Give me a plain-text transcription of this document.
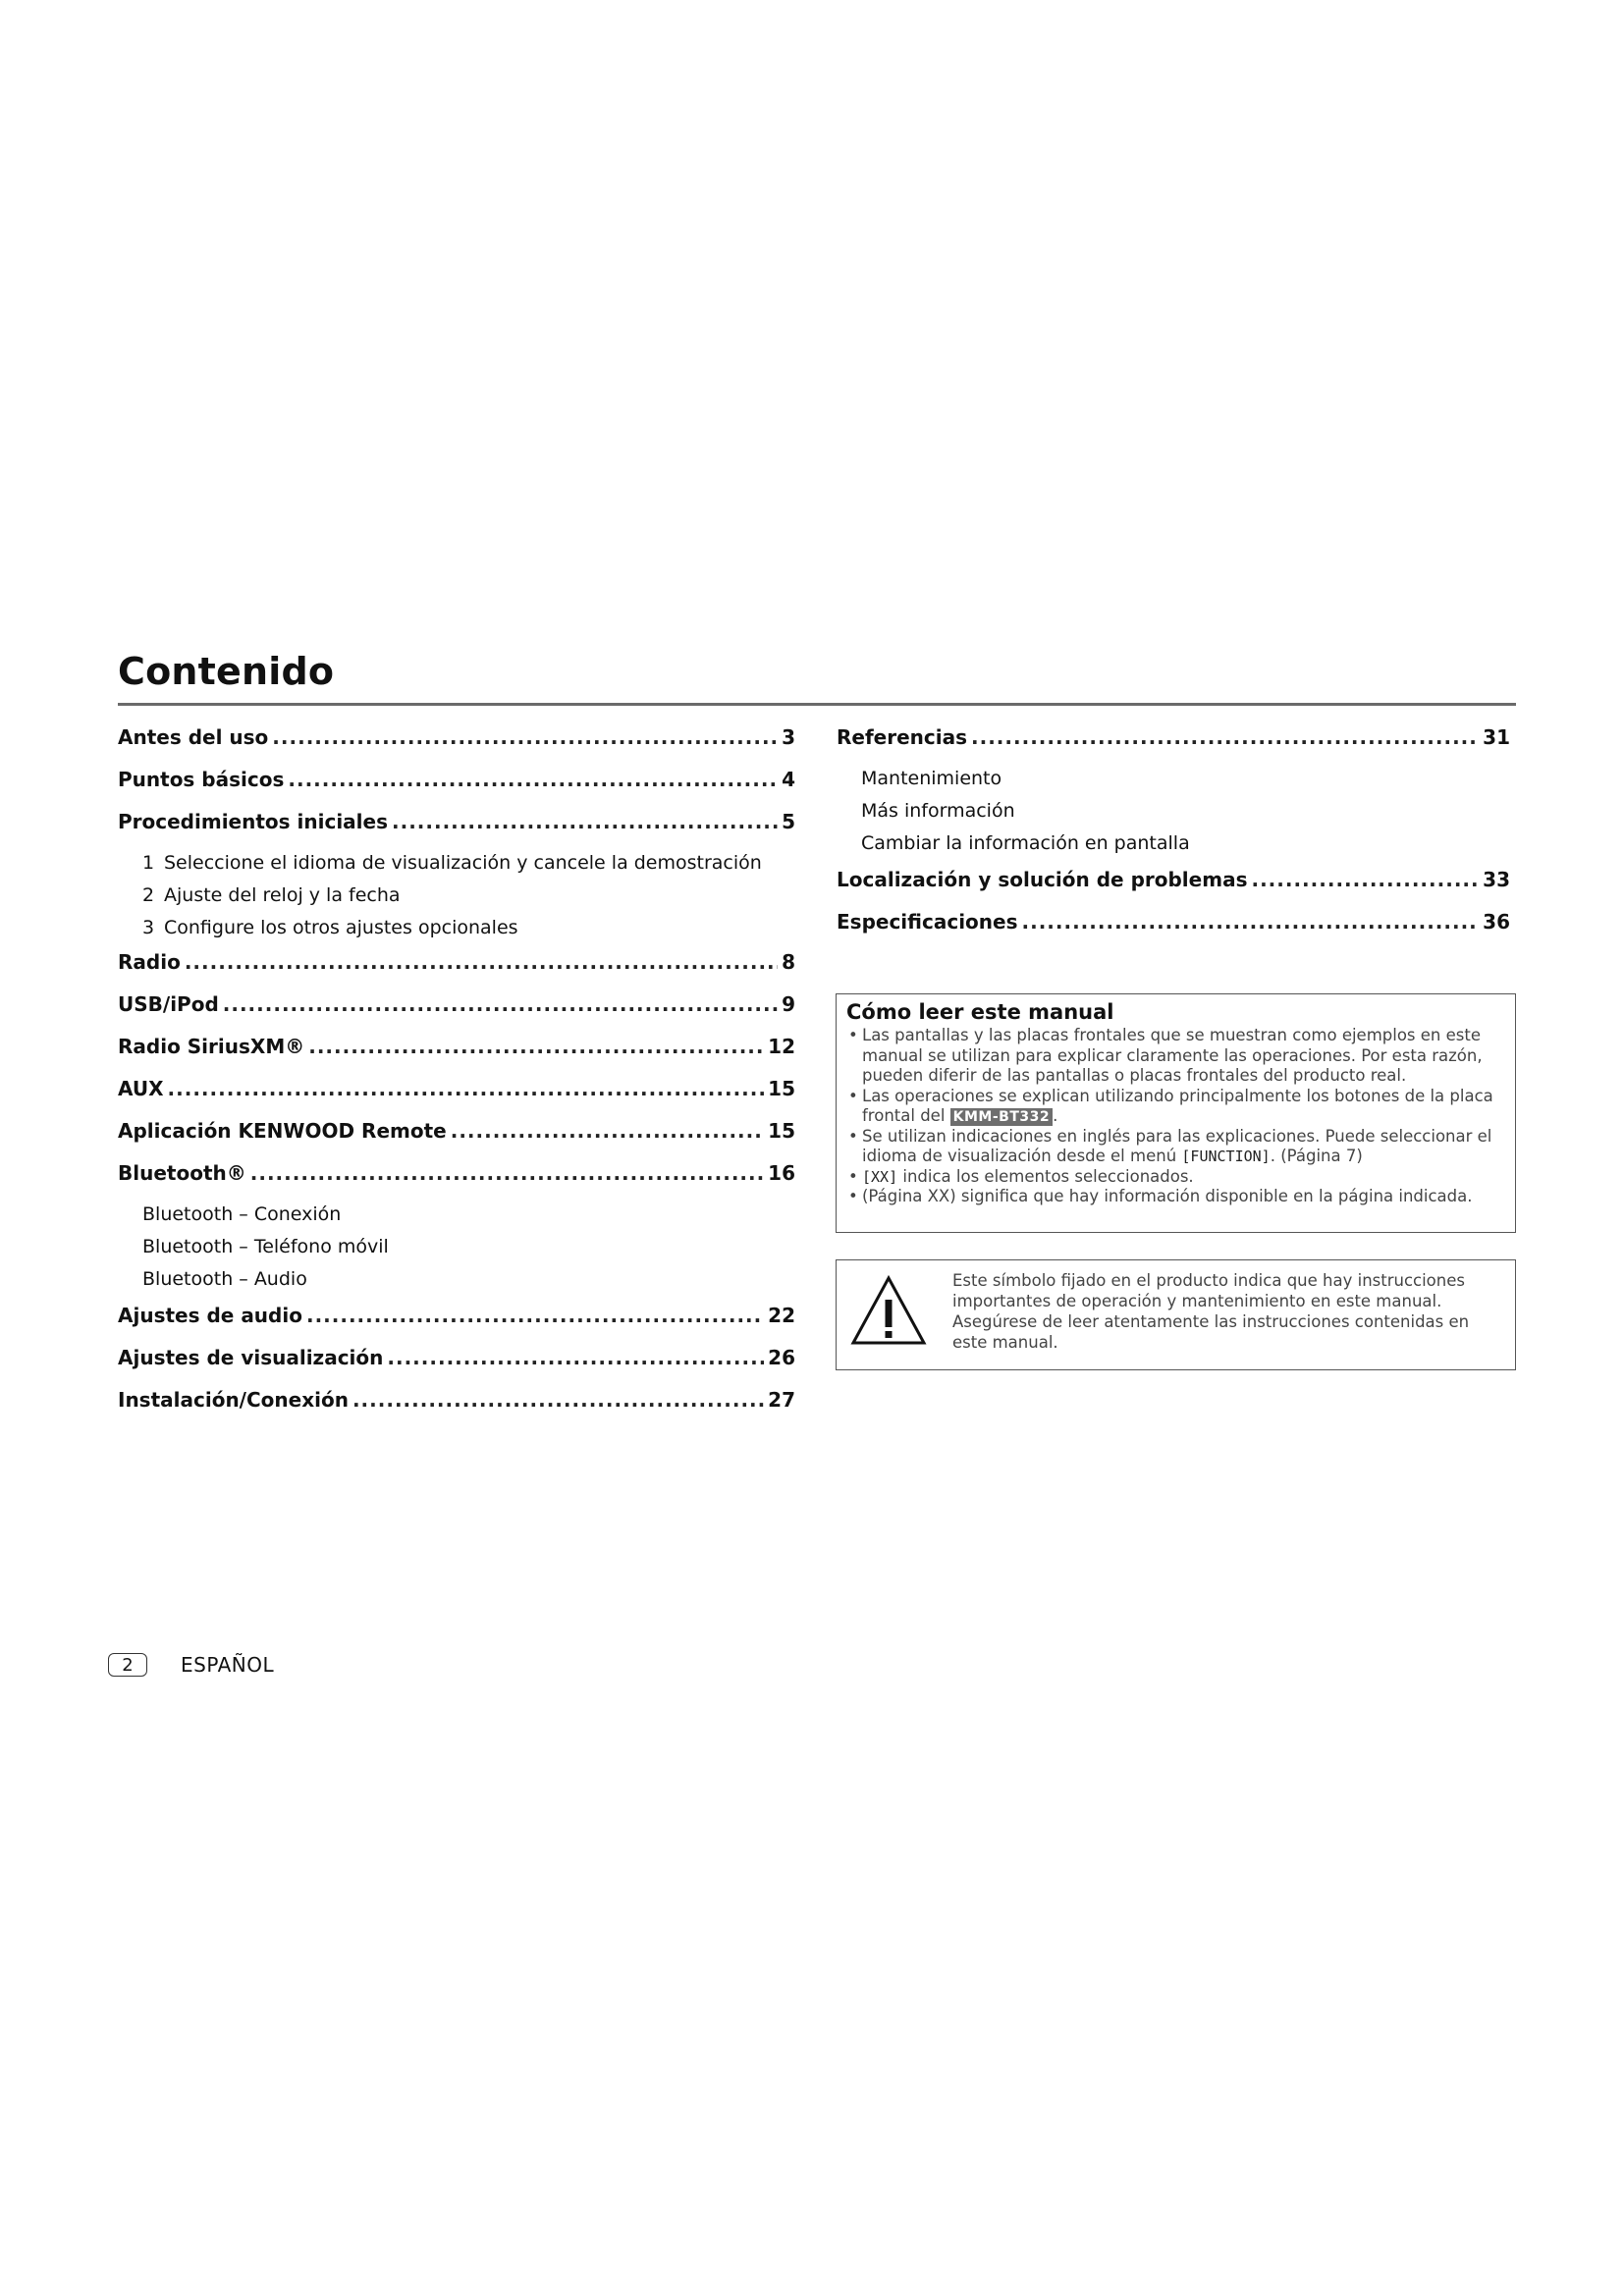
Contenido
Antes del uso .....	3
Puntos básicos .....	4
Procedimientos iniciales .....	5
1 Seleccione el idioma de visualización y cancele la demostración
2 Ajuste del reloj y la fecha
3 Configure los otros ajustes opcionales
Radio .....	8
USB/iPod .....	9
Radio SiriusXM® .....	12
AUX .....	15
Aplicación KENWOOD Remote .....	15
Bluetooth® .....	16
Bluetooth – Conexión
Bluetooth – Teléfono móvil
Bluetooth – Audio
Ajustes de audio .....	22
Ajustes de visualización .....	26
Instalación/Conexión .....	27
Referencias .....	31
Mantenimiento
Más información
Cambiar la información en pantalla
Localización y solución de problemas .....	33
Especificaciones .....	36
Cómo leer este manual
• Las pantallas y las placas frontales que se muestran como ejemplos en este manual se utilizan para explicar claramente las operaciones. Por esta razón, pueden diferir de las pantallas o placas frontales del producto real.
• Las operaciones se explican utilizando principalmente los botones de la placa frontal del KMM-BT332 .
• Se utilizan indicaciones en inglés para las explicaciones. Puede seleccionar el idioma de visualización desde el menú [FUNCTION]. (Página 7)
• [XX] indica los elementos seleccionados.
• (Página XX) significa que hay información disponible en la página indicada.
Este símbolo fijado en el producto indica que hay instrucciones importantes de operación y mantenimiento en este manual.
Asegúrese de leer atentamente las instrucciones contenidas en este manual.
2	ESPAÑOL
